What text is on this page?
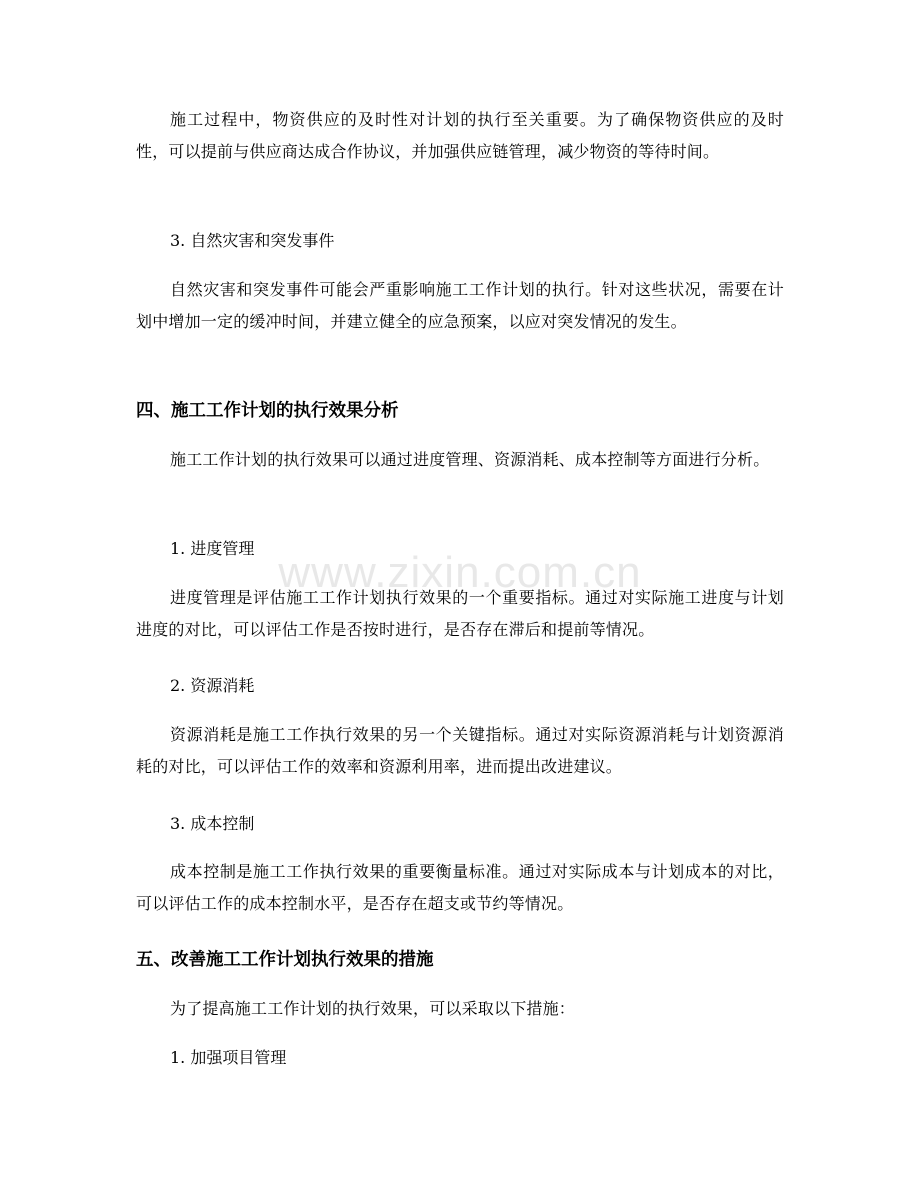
施工过程中，物资供应的及时性对计划的执行至关重要。为了确保物资供应的及时性，可以提前与供应商达成合作协议，并加强供应链管理，减少物资的等待时间。

3. 自然灾害和突发事件

自然灾害和突发事件可能会严重影响施工工作计划的执行。针对这些状况，需要在计划中增加一定的缓冲时间，并建立健全的应急预案，以应对突发情况的发生。

四、施工工作计划的执行效果分析

施工工作计划的执行效果可以通过进度管理、资源消耗、成本控制等方面进行分析。

1. 进度管理

进度管理是评估施工工作计划执行效果的一个重要指标。通过对实际施工进度与计划进度的对比，可以评估工作是否按时进行，是否存在滞后和提前等情况。

2. 资源消耗

资源消耗是施工工作执行效果的另一个关键指标。通过对实际资源消耗与计划资源消耗的对比，可以评估工作的效率和资源利用率，进而提出改进建议。

3. 成本控制

成本控制是施工工作执行效果的重要衡量标准。通过对实际成本与计划成本的对比，可以评估工作的成本控制水平，是否存在超支或节约等情况。

五、改善施工工作计划执行效果的措施

为了提高施工工作计划的执行效果，可以采取以下措施：

1. 加强项目管理

www.zixin.com.cn
